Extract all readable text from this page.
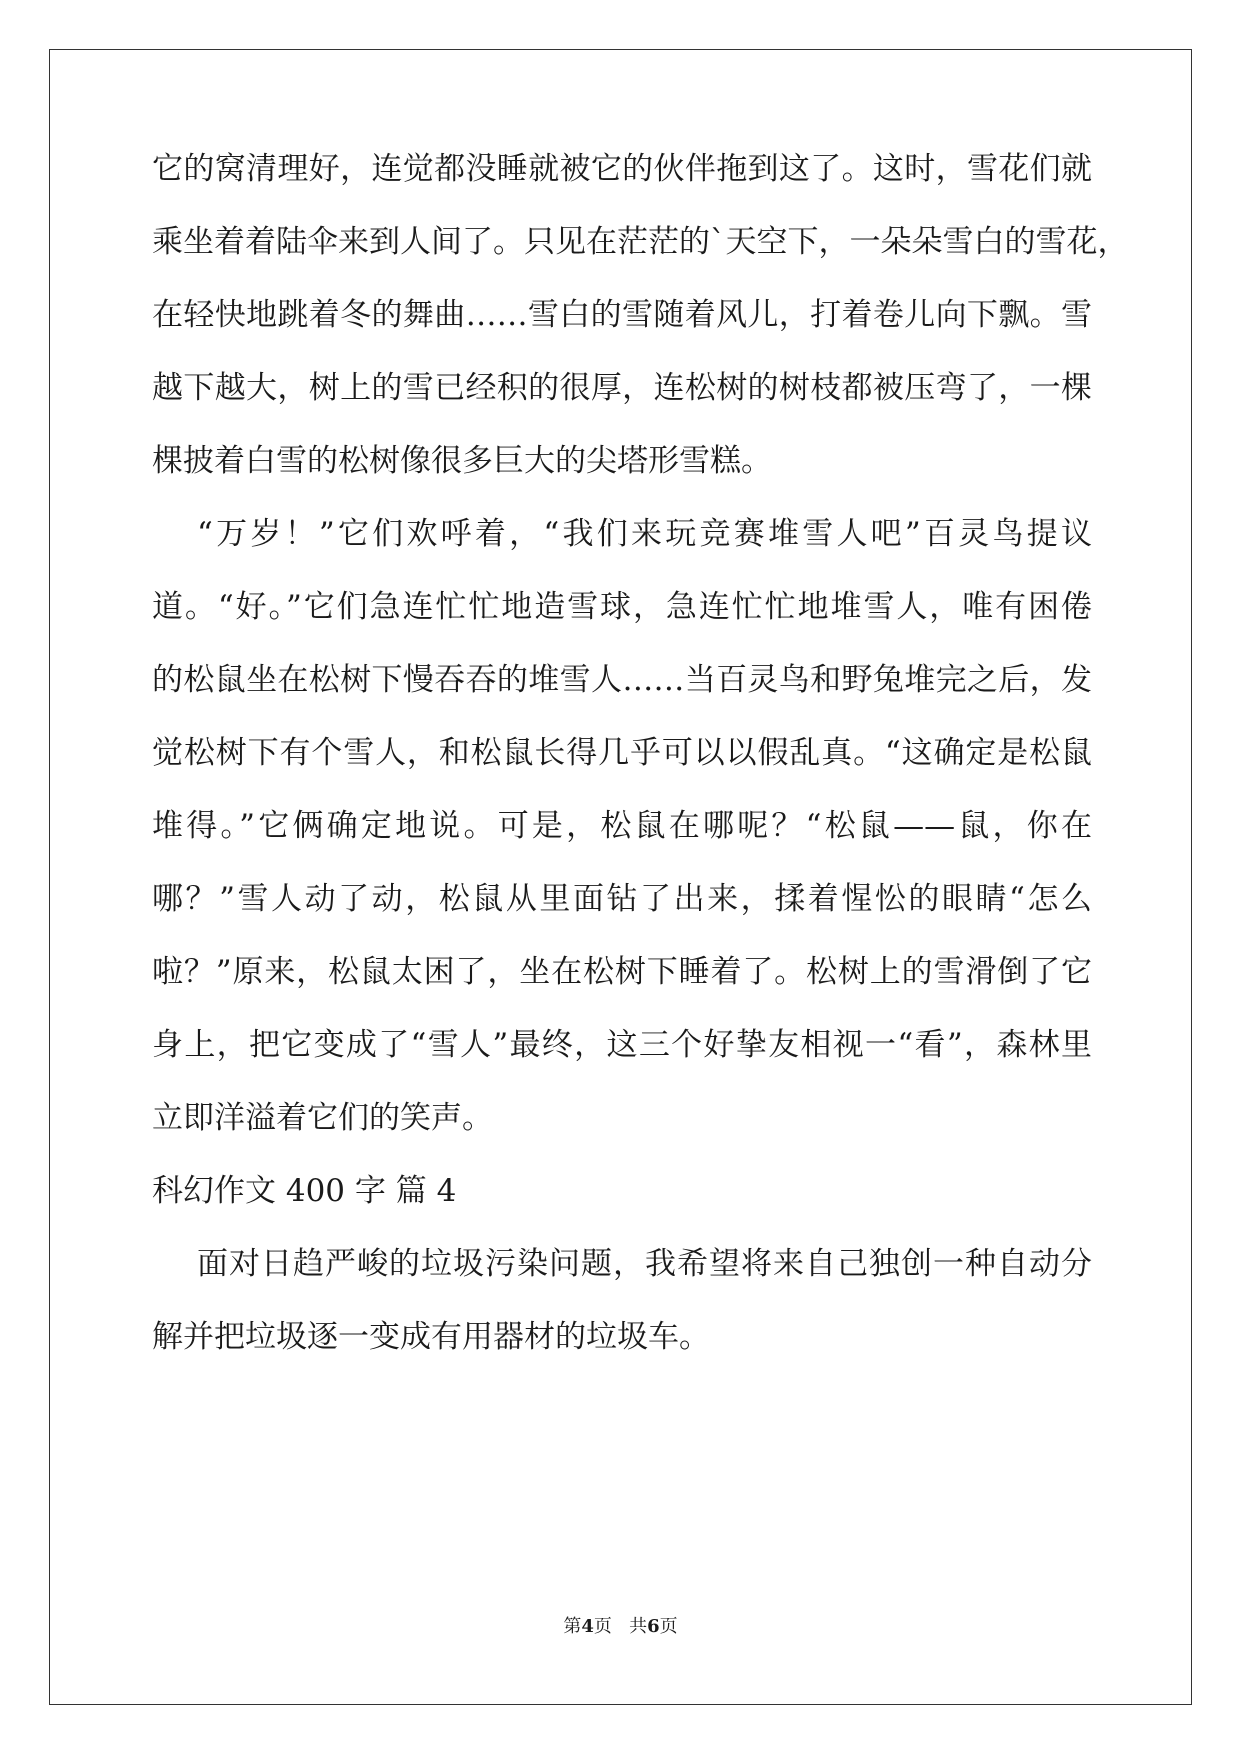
它的窝清理好，连觉都没睡就被它的伙伴拖到这了。这时，雪花们就
乘坐着着陆伞来到人间了。只见在茫茫的`天空下，一朵朵雪白的雪花，
在轻快地跳着冬的舞曲……雪白的雪随着风儿，打着卷儿向下飘。雪
越下越大，树上的雪已经积的很厚，连松树的树枝都被压弯了，一棵
棵披着白雪的松树像很多巨大的尖塔形雪糕。
“万岁！”它们欢呼着，“我们来玩竞赛堆雪人吧”百灵鸟提议
道。“好。”它们急连忙忙地造雪球，急连忙忙地堆雪人，唯有困倦
的松鼠坐在松树下慢吞吞的堆雪人……当百灵鸟和野兔堆完之后，发
觉松树下有个雪人，和松鼠长得几乎可以以假乱真。“这确定是松鼠
堆得。”它俩确定地说。可是，松鼠在哪呢？“松鼠——鼠，你在
哪？”雪人动了动，松鼠从里面钻了出来，揉着惺忪的眼睛“怎么
啦？”原来，松鼠太困了，坐在松树下睡着了。松树上的雪滑倒了它
身上，把它变成了“雪人”最终，这三个好挚友相视一“看”，森林里
立即洋溢着它们的笑声。
科幻作文 400 字 篇 4
面对日趋严峻的垃圾污染问题，我希望将来自己独创一种自动分
解并把垃圾逐一变成有用器材的垃圾车。
第4页   共6页
